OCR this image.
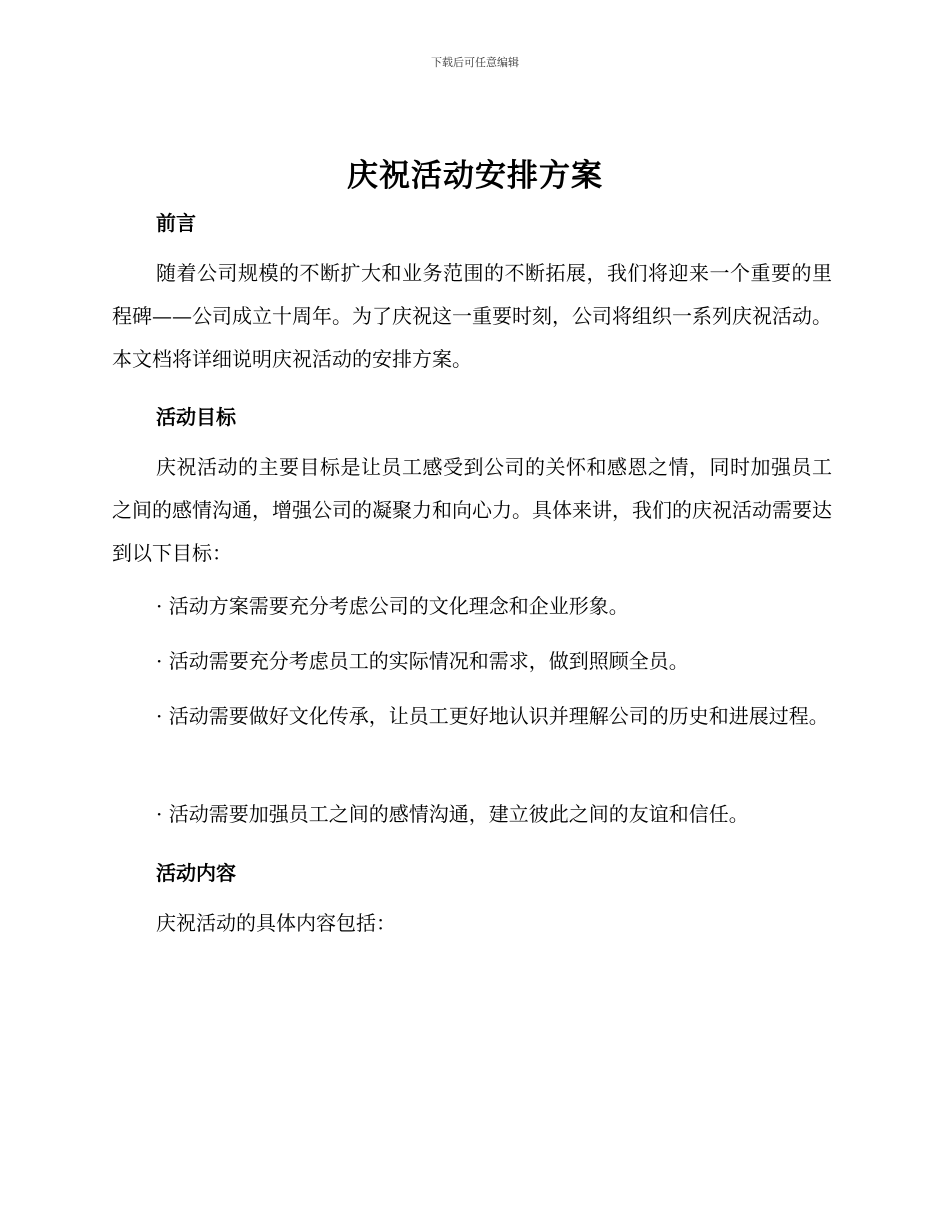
下载后可任意编辑
庆祝活动安排方案
前言

随着公司规模的不断扩大和业务范围的不断拓展，我们将迎来一个重要的里程碑——公司成立十周年。为了庆祝这一重要时刻，公司将组织一系列庆祝活动。本文档将详细说明庆祝活动的安排方案。

活动目标

庆祝活动的主要目标是让员工感受到公司的关怀和感恩之情，同时加强员工之间的感情沟通，增强公司的凝聚力和向心力。具体来讲，我们的庆祝活动需要达到以下目标：

· 活动方案需要充分考虑公司的文化理念和企业形象。

· 活动需要充分考虑员工的实际情况和需求，做到照顾全员。

· 活动需要做好文化传承，让员工更好地认识并理解公司的历史和进展过程。

· 活动需要加强员工之间的感情沟通，建立彼此之间的友谊和信任。

活动内容

庆祝活动的具体内容包括：
